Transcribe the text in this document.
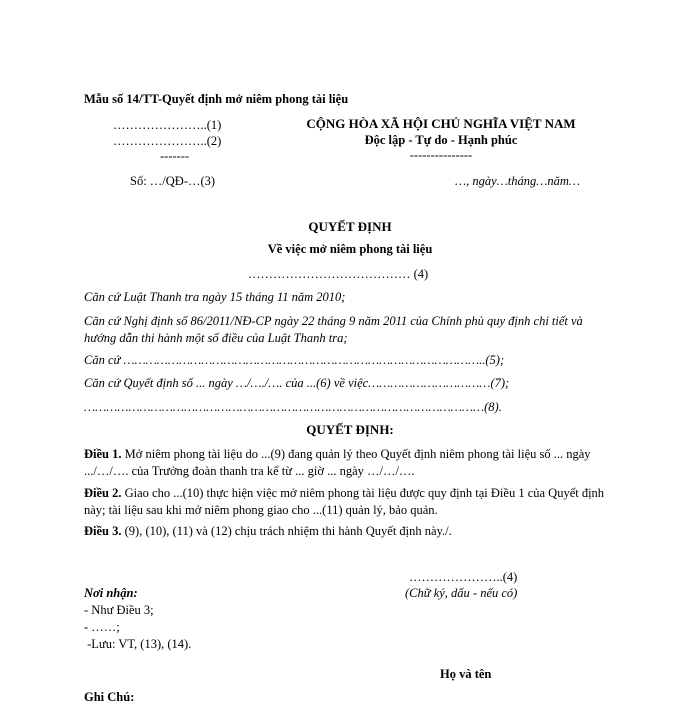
Mẫu số 14/TT-Quyết định mở niêm phong tài liệu
…………………..(1)
…………………..(2)
-------
Số: …/QĐ-…(3)
CỘNG HÒA XÃ HỘI CHỦ NGHĨA VIỆT NAM
Độc lập - Tự do - Hạnh phúc
---------------
…, ngày…tháng…năm…
QUYẾT ĐỊNH
Về việc mở niêm phong tài liệu
………………………………… (4)
Căn cứ Luật Thanh tra ngày 15 tháng 11 năm 2010;
Căn cứ Nghị định số 86/2011/NĐ-CP ngày 22 tháng 9 năm 2011 của Chính phủ quy định chi tiết và hướng dẫn thi hành một số điều của Luật Thanh tra;
Căn cứ ……………………………………………………………………………………..(5);
Căn cứ Quyết định số ... ngày …/…./…. của ...(6) về việc……………………………(7);
………………………………………………………………………………………………(8).
QUYẾT ĐỊNH:
Điều 1. Mở niêm phong tài liệu do ...(9) đang quản lý theo Quyết định niêm phong tài liệu số ... ngày .../…/…. của Trưởng đoàn thanh tra kể từ ... giờ ... ngày …/…/….
Điều 2. Giao cho ...(10) thực hiện việc mở niêm phong tài liệu được quy định tại Điều 1 của Quyết định này; tài liệu sau khi mở niêm phong giao cho ...(11) quản lý, bảo quản.
Điều 3. (9), (10), (11) và (12) chịu trách nhiệm thi hành Quyết định này./.
Nơi nhận:
- Như Điều 3;
- ……;
-Lưu: VT, (13), (14).
…………………..(4)
(Chữ ký, dấu - nếu có)
Họ và tên
Ghi Chú:
